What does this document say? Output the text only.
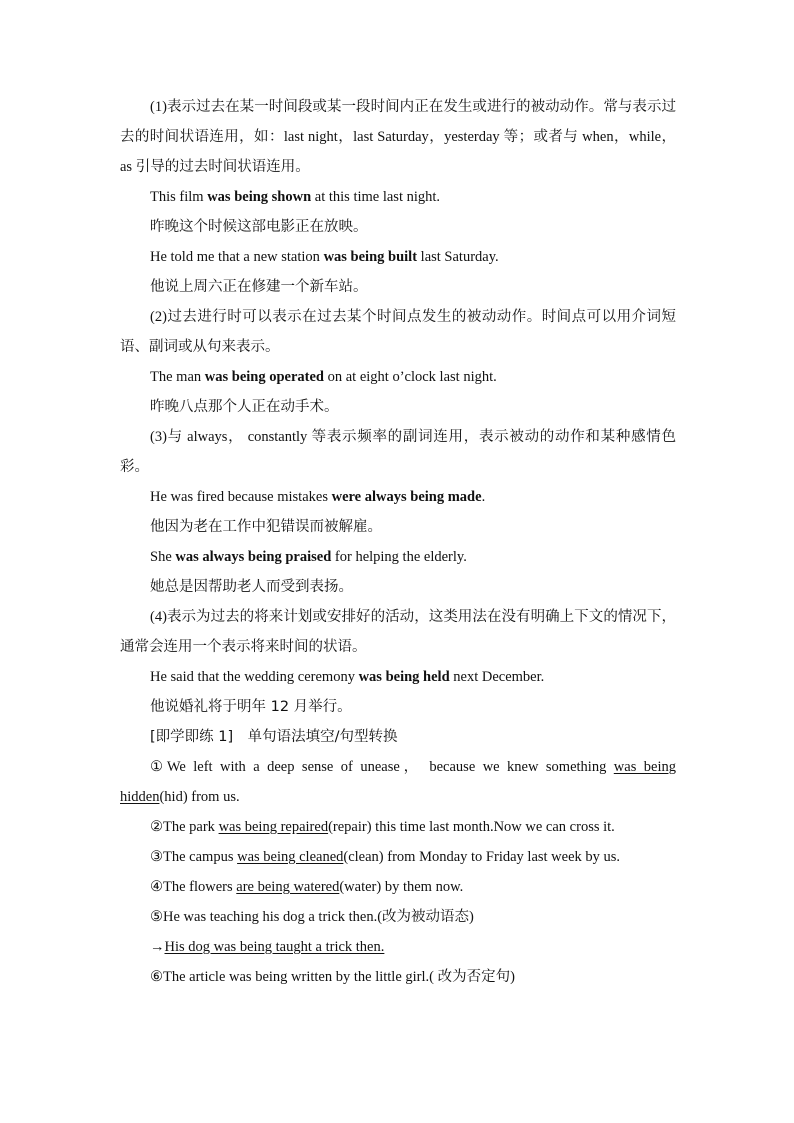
(1)表示过去在某一时间段或某一段时间内正在发生或进行的被动动作。常与表示过去的时间状语连用，如：last night，last Saturday，yesterday 等；或者与 when，while， as 引导的过去时间状语连用。
This film was being shown at this time last night.
昨晚这个时候这部电影正在放映。
He told me that a new station was being built last Saturday.
他说上周六正在修建一个新车站。
(2)过去进行时可以表示在过去某个时间点发生的被动动作。时间点可以用介词短语、副词或从句来表示。
The man was being operated on at eight o’clock last night.
昨晚八点那个人正在动手术。
(3)与 always， constantly 等表示频率的副词连用，表示被动的动作和某种感情色彩。
He was fired because mistakes were always being made.
他因为老在工作中犯错误而被解雇。
She was always being praised for helping the elderly.
她总是因帮助老人而受到表扬。
(4)表示为过去的将来计划或安排好的活动，这类用法在没有明确上下文的情况下，通常会连用一个表示将来时间的状语。
He said that the wedding ceremony was being held next December.
他说婚礼将于明年 12 月举行。
[即学即练 1]　单句语法填空/句型转换
①We left with a deep sense of unease， because we knew something was being hidden(hid) from us.
②The park was being repaired(repair) this time last month.Now we can cross it.
③The campus was being cleaned(clean) from Monday to Friday last week by us.
④The flowers are being watered(water) by them now.
⑤He was teaching his dog a trick then.(改为被动语态)
→His dog was being taught a trick then.
⑥The article was being written by the little girl.( 改为否定句)
